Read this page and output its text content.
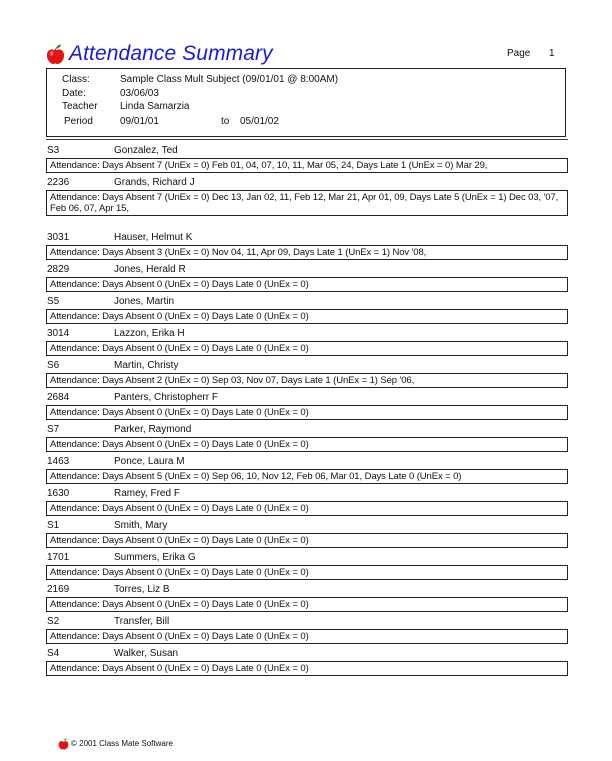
Attendance Summary	Page 1
Class:	Sample Class Mult Subject (09/01/01 @ 8:00AM)
Date:	03/06/03
Teacher Linda Samarzia
Period	09/01/01	to 05/01/02
S3	Gonzalez, Ted
Attendance: Days Absent 7 (UnEx = 0) Feb 01, 04, 07, 10, 11, Mar 05, 24, Days Late 1 (UnEx = 0) Mar 29,
2236	Grands, Richard J
Attendance: Days Absent 7 (UnEx = 0) Dec 13, Jan 02, 11, Feb 12, Mar 21, Apr 01, 09, Days Late 5 (UnEx = 1) Dec 03, '07, Feb 06, 07, Apr 15,
3031	Hauser, Helmut K
Attendance: Days Absent 3 (UnEx = 0) Nov 04, 11, Apr 09, Days Late 1 (UnEx = 1) Nov '08,
2829	Jones, Herald R
Attendance: Days Absent 0 (UnEx = 0) Days Late 0 (UnEx = 0)
S5	Jones, Martin
Attendance: Days Absent 0 (UnEx = 0) Days Late 0 (UnEx = 0)
3014	Lazzon, Erika H
Attendance: Days Absent 0 (UnEx = 0) Days Late 0 (UnEx = 0)
S6	Martin, Christy
Attendance: Days Absent 2 (UnEx = 0) Sep 03, Nov 07, Days Late 1 (UnEx = 1) Sep '06,
2684	Panters, Christopherr F
Attendance: Days Absent 0 (UnEx = 0) Days Late 0 (UnEx = 0)
S7	Parker, Raymond
Attendance: Days Absent 0 (UnEx = 0) Days Late 0 (UnEx = 0)
1463	Ponce, Laura M
Attendance: Days Absent 5 (UnEx = 0) Sep 06, 10, Nov 12, Feb 06, Mar 01, Days Late 0 (UnEx = 0)
1630	Ramey, Fred F
Attendance: Days Absent 0 (UnEx = 0) Days Late 0 (UnEx = 0)
S1	Smith, Mary
Attendance: Days Absent 0 (UnEx = 0) Days Late 0 (UnEx = 0)
1701	Summers, Erika G
Attendance: Days Absent 0 (UnEx = 0) Days Late 0 (UnEx = 0)
2169	Torres, Liz B
Attendance: Days Absent 0 (UnEx = 0) Days Late 0 (UnEx = 0)
S2	Transfer, Bill
Attendance: Days Absent 0 (UnEx = 0) Days Late 0 (UnEx = 0)
S4	Walker, Susan
Attendance: Days Absent 0 (UnEx = 0) Days Late 0 (UnEx = 0)
© 2001 Class Mate Software
